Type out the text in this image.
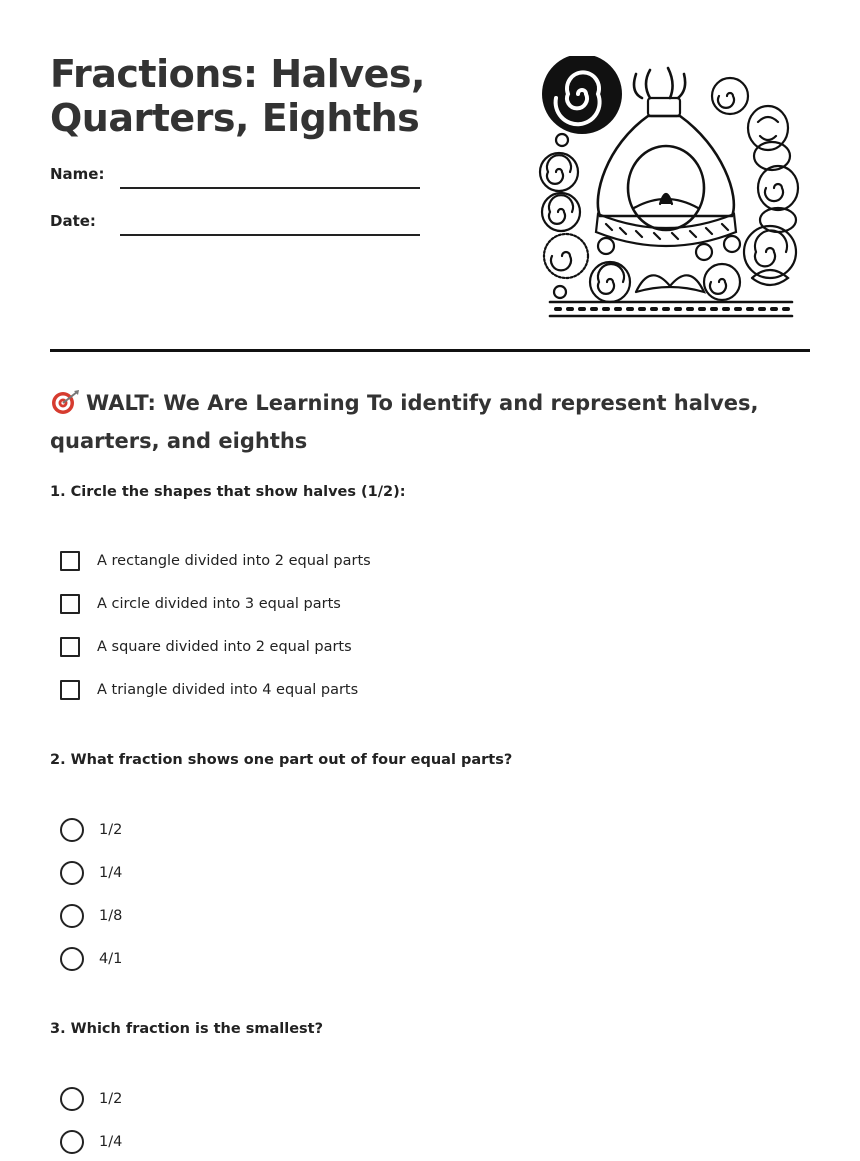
Fractions: Halves, Quarters, Eighths
Name:
Date:
WALT: We Are Learning To identify and represent halves, quarters, and eighths

1. Circle the shapes that show halves (1/2):

A rectangle divided into 2 equal parts
A circle divided into 3 equal parts
A square divided into 2 equal parts
A triangle divided into 4 equal parts

2. What fraction shows one part out of four equal parts?

1/2
1/4
1/8
4/1

3. Which fraction is the smallest?

1/2
1/4
